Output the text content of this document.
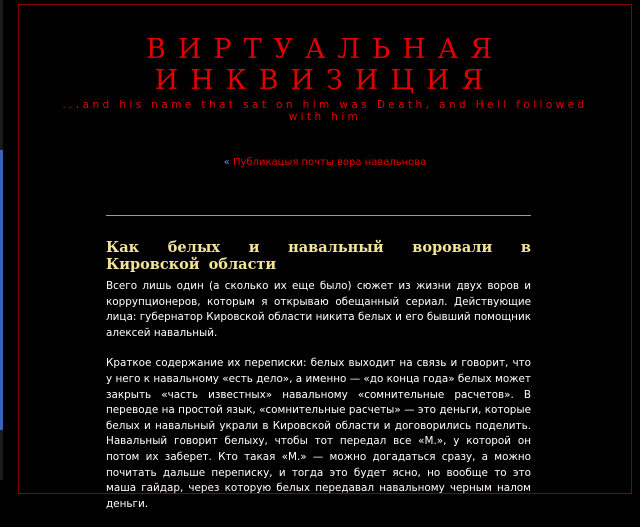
ВИРТУАЛЬНАЯ
ИНКВИЗИЦИЯ
...and his name that sat on him was Death, and Hell followed with him
« Публикацыя почты вора навальнова
Как белых и навальный воровали в Кировской области

Всего лишь один (а сколько их еще было) сюжет из жизни двух воров и коррупционеров, которым я открываю обещанный сериал. Действующие лица: губернатор Кировской области никита белых и его бывший помощник алексей навальный.

Краткое содержание их переписки: белых выходит на связь и говорит, что у него к навальному «есть дело», а именно — «до конца года» белых может закрыть «часть известных» навальному «сомнительные расчетов». В переводе на простой язык, «сомнительные расчеты» — это деньги, которые белых и навальный украли в Кировской области и договорились поделить. Навальный говорит белыху, чтобы тот передал все «М.», у которой он потом их заберет. Кто такая «М.» — можно догадаться сразу, а можно почитать дальше переписку, и тогда это будет ясно, но вообще то это маша гайдар, через которую белых передавал навальному черным налом деньги.
